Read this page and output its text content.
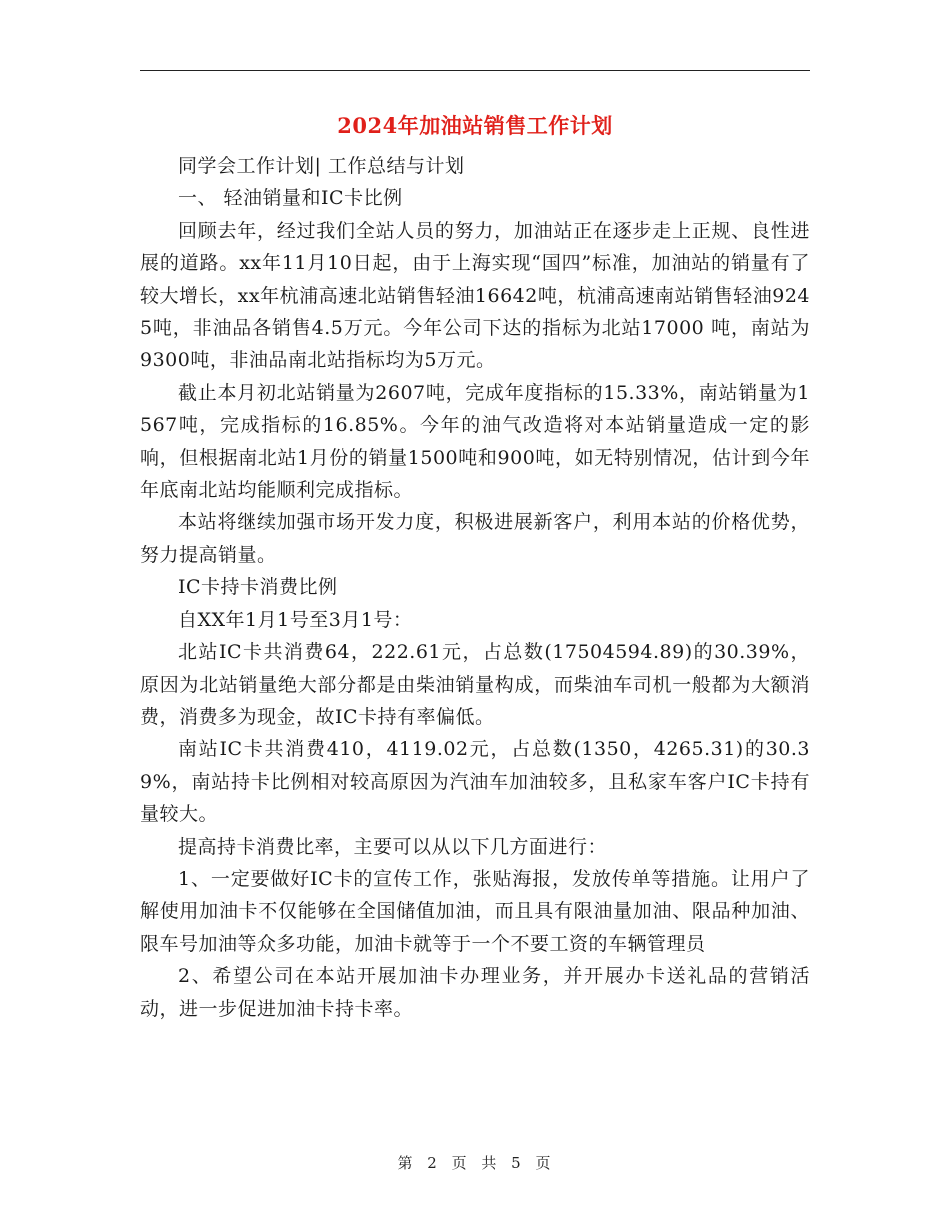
2024年加油站销售工作计划

同学会工作计划| 工作总结与计划

一、 轻油销量和IC卡比例

回顾去年，经过我们全站人员的努力，加油站正在逐步走上正规、良性进展的道路。xx年11月10日起，由于上海实现“国四”标准，加油站的销量有了较大增长，xx年杭浦高速北站销售轻油16642吨，杭浦高速南站销售轻油9245吨，非油品各销售4.5万元。今年公司下达的指标为北站17000 吨，南站为9300吨，非油品南北站指标均为5万元。

截止本月初北站销量为2607吨，完成年度指标的15.33%，南站销量为1567吨，完成指标的16.85%。今年的油气改造将对本站销量造成一定的影响，但根据南北站1月份的销量1500吨和900吨，如无特别情况，估计到今年年底南北站均能顺利完成指标。

本站将继续加强市场开发力度，积极进展新客户，利用本站的价格优势，努力提高销量。

IC卡持卡消费比例

自XX年1月1号至3月1号：

北站IC卡共消费64，222.61元，占总数(17504594.89)的30.39%，原因为北站销量绝大部分都是由柴油销量构成，而柴油车司机一般都为大额消费，消费多为现金，故IC卡持有率偏低。

南站IC卡共消费410，4119.02元，占总数(1350，4265.31)的30.39%，南站持卡比例相对较高原因为汽油车加油较多，且私家车客户IC卡持有量较大。

提高持卡消费比率，主要可以从以下几方面进行：

1、一定要做好IC卡的宣传工作，张贴海报，发放传单等措施。让用户了解使用加油卡不仅能够在全国储值加油，而且具有限油量加油、限品种加油、限车号加油等众多功能，加油卡就等于一个不要工资的车辆管理员

2、希望公司在本站开展加油卡办理业务，并开展办卡送礼品的营销活动，进一步促进加油卡持卡率。

第 2 页 共 5 页
